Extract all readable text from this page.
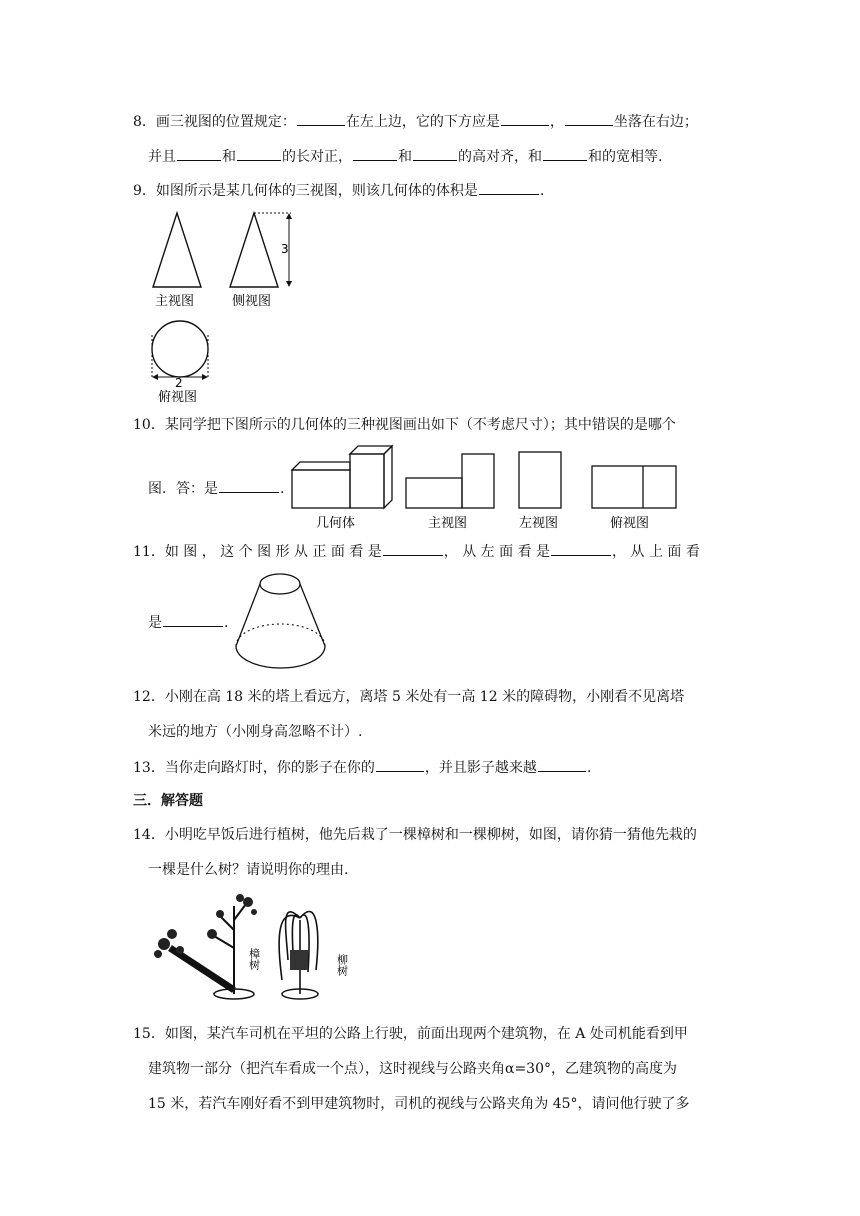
8．画三视图的位置规定：	在左上边，它的下方应是	，	坐落在右边；
并且	和	的长对正，	和	的高对齐，和	和的宽相等.
9．如图所示是某几何体的三视图，则该几何体的体积是	.
主视图
3
侧视图
2
俯视图
10．某同学把下图所示的几何体的三种视图画出如下（不考虑尺寸）；其中错误的是哪个
图．答：是	.
几何体	主视图	左视图	俯视图
11．如 图 ， 这 个 图 形 从 正 面 看 是	， 从 左 面 看 是	， 从 上 面 看
是	.
12．小刚在高 18 米的塔上看远方，离塔 5 米处有一高 12 米的障碍物，小刚看不见离塔
米远的地方（小刚身高忽略不计）.
13．当你走向路灯时，你的影子在你的	，并且影子越来越	.
三．解答题
14．小明吃早饭后进行植树，他先后栽了一棵樟树和一棵柳树，如图，请你猜一猜他先栽的
一棵是什么树？请说明你的理由.
樟树	柳树
15．如图，某汽车司机在平坦的公路上行驶，前面出现两个建筑物，在 A 处司机能看到甲
建筑物一部分（把汽车看成一个点），这时视线与公路夹角α=30°，乙建筑物的高度为
15 米，若汽车刚好看不到甲建筑物时，司机的视线与公路夹角为 45°，请问他行驶了多
